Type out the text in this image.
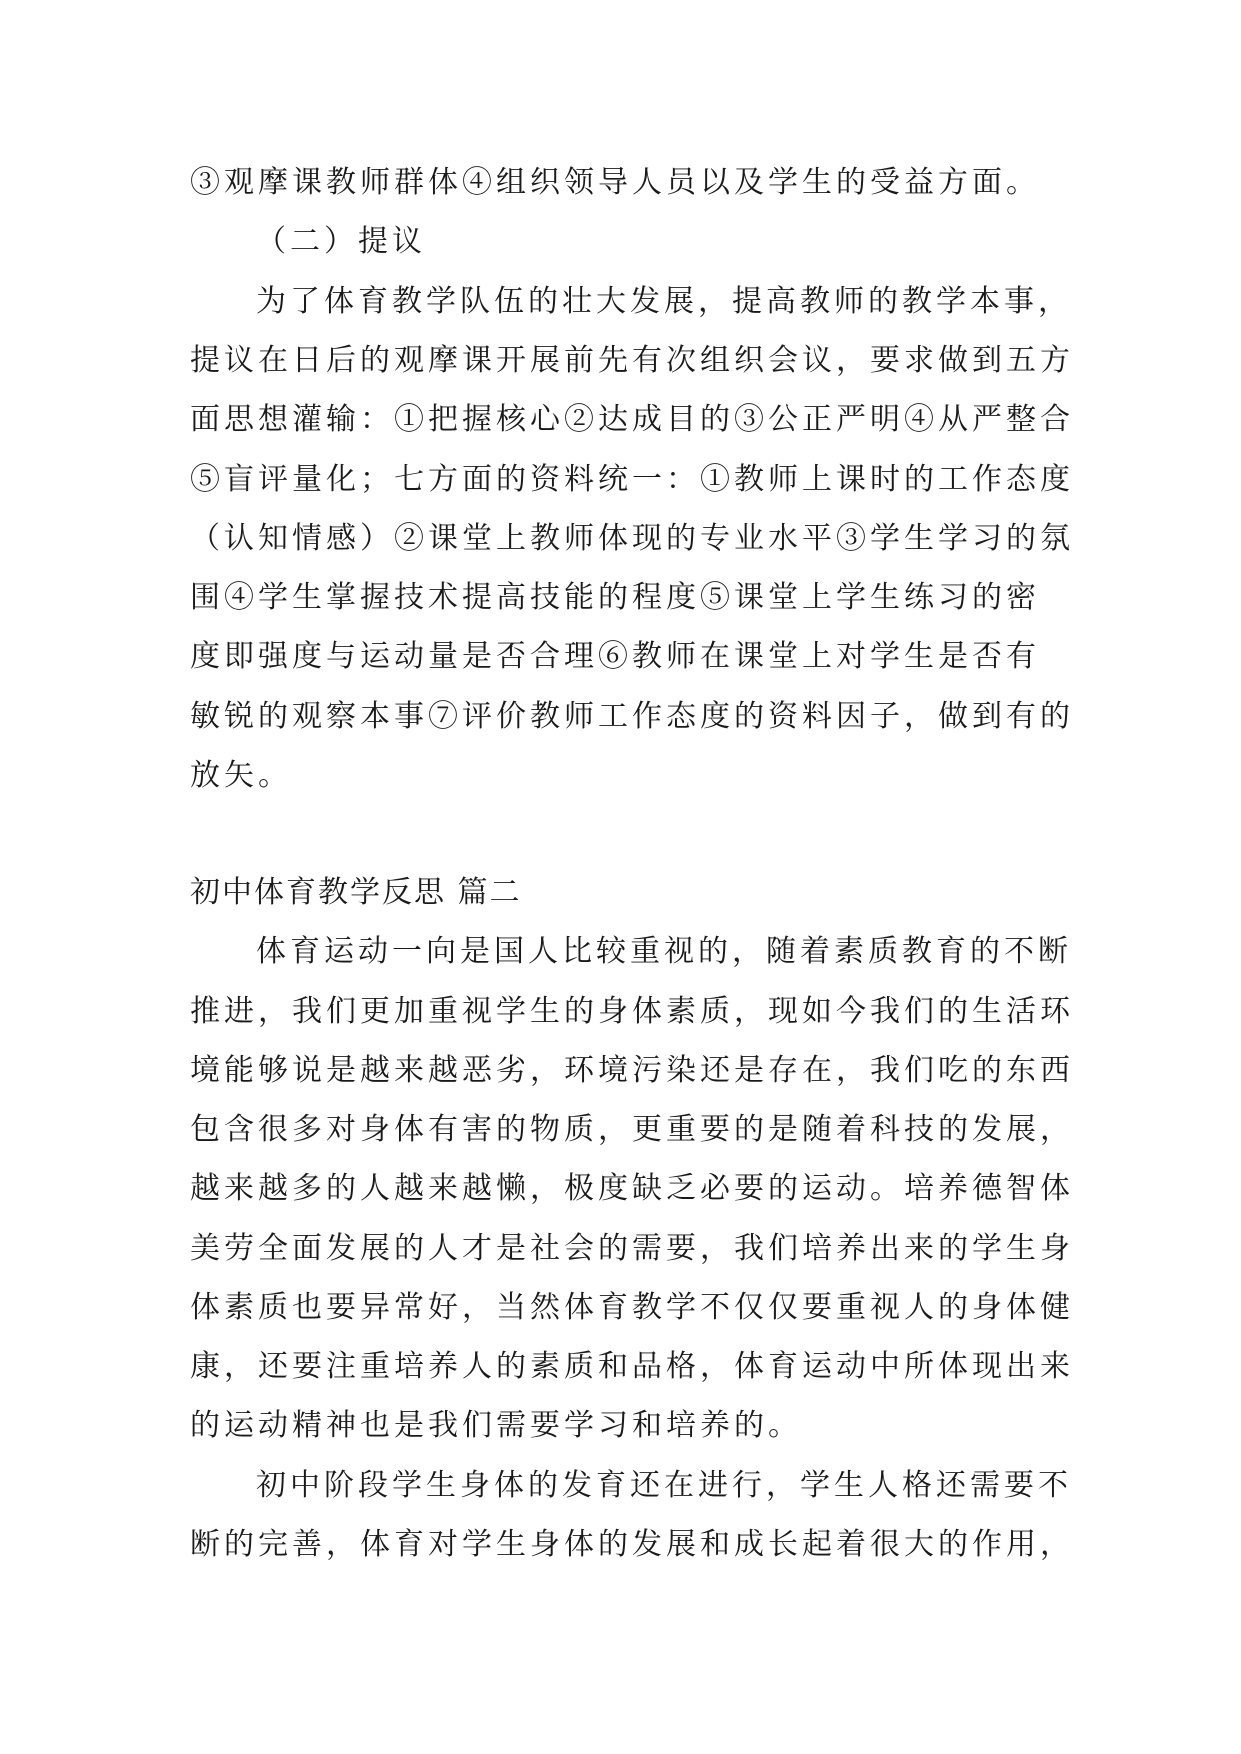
③观摩课教师群体④组织领导人员以及学生的受益方面。
（二）提议
为了体育教学队伍的壮大发展，提高教师的教学本事，
提议在日后的观摩课开展前先有次组织会议，要求做到五方
面思想灌输：①把握核心②达成目的③公正严明④从严整合
⑤盲评量化；七方面的资料统一：①教师上课时的工作态度
（认知情感）②课堂上教师体现的专业水平③学生学习的氛
围④学生掌握技术提高技能的程度⑤课堂上学生练习的密
度即强度与运动量是否合理⑥教师在课堂上对学生是否有
敏锐的观察本事⑦评价教师工作态度的资料因子，做到有的
放矢。
初中体育教学反思 篇二
体育运动一向是国人比较重视的，随着素质教育的不断
推进，我们更加重视学生的身体素质，现如今我们的生活环
境能够说是越来越恶劣，环境污染还是存在，我们吃的东西
包含很多对身体有害的物质，更重要的是随着科技的发展，
越来越多的人越来越懒，极度缺乏必要的运动。培养德智体
美劳全面发展的人才是社会的需要，我们培养出来的学生身
体素质也要异常好，当然体育教学不仅仅要重视人的身体健
康，还要注重培养人的素质和品格，体育运动中所体现出来
的运动精神也是我们需要学习和培养的。
初中阶段学生身体的发育还在进行，学生人格还需要不
断的完善，体育对学生身体的发展和成长起着很大的作用，
